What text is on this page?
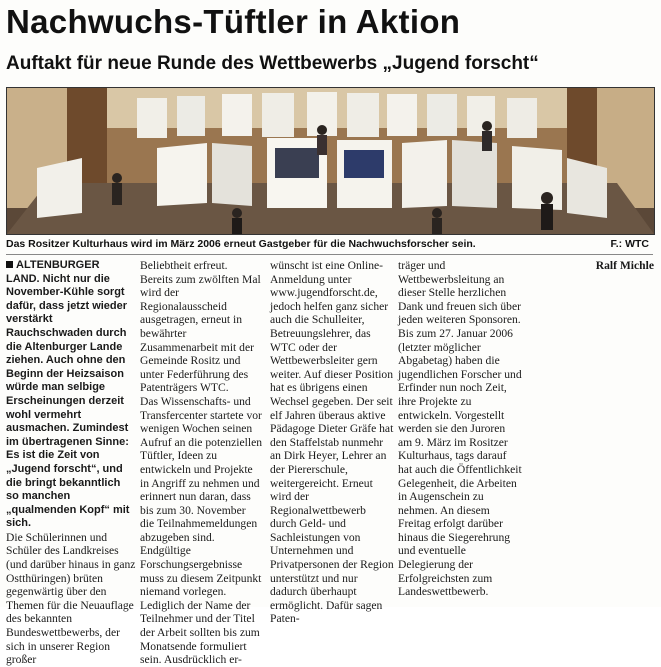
Nachwuchs-Tüftler in Aktion
Auftakt für neue Runde des Wettbewerbs „Jugend forscht“
Das Rositzer Kulturhaus wird im März 2006 erneut Gastgeber für die Nachwuchsforscher sein.	F.: WTC

ALTENBURGER LAND. Nicht nur die November-Kühle sorgt dafür, dass jetzt wieder verstärkt Rauchschwaden durch die Altenburger Lande ziehen. Auch ohne den Beginn der Heizsaison würde man selbige Erscheinungen derzeit wohl vermehrt ausmachen. Zumindest im übertragenen Sinne: Es ist die Zeit von „Jugend forscht“, und die bringt bekanntlich so manchen „qualmenden Kopf“ mit sich.

Die Schülerinnen und Schüler des Landkreises (und darüber hinaus in ganz Ostthüringen) brüten gegenwärtig über den Themen für die Neuauflage des bekannten Bundeswettbewerbs, der sich in unserer Region großer

Beliebtheit erfreut. Bereits zum zwölften Mal wird der Regionalausscheid ausgetragen, erneut in bewährter Zusammenarbeit mit der Gemeinde Rositz und unter Federführung des Patenträgers WTC.

Das Wissenschafts- und Transfercenter startete vor wenigen Wochen seinen Aufruf an die potenziellen Tüftler, Ideen zu entwickeln und Projekte in Angriff zu nehmen und erinnert nun daran, dass bis zum 30. November die Teilnahmemeldungen abzugeben sind. Endgültige Forschungsergebnisse muss zu diesem Zeitpunkt niemand vorlegen. Lediglich der Name der Teilnehmer und der Titel der Arbeit sollten bis zum Monatsende formuliert sein. Ausdrücklich er-

wünscht ist eine Online-Anmeldung unter www.jugendforscht.de, jedoch helfen ganz sicher auch die Schulleiter, Betreuungslehrer, das WTC oder der Wettbewerbsleiter gern weiter. Auf dieser Position hat es übrigens einen Wechsel gegeben. Der seit elf Jahren überaus aktive Pädagoge Dieter Gräfe hat den Staffelstab nunmehr an Dirk Heyer, Lehrer an der Piererschule, weitergereicht. Erneut wird der Regionalwettbewerb durch Geld- und Sachleistungen von Unternehmen und Privatpersonen der Region unterstützt und nur dadurch überhaupt ermöglicht. Dafür sagen Paten-

träger und Wettbewerbsleitung an dieser Stelle herzlichen Dank und freuen sich über jeden weiteren Sponsoren. Bis zum 27. Januar 2006 (letzter möglicher Abgabetag) haben die jugendlichen Forscher und Erfinder nun noch Zeit, ihre Projekte zu entwickeln. Vorgestellt werden sie den Juroren am 9. März im Rositzer Kulturhaus, tags darauf hat auch die Öffentlichkeit Gelegenheit, die Arbeiten in Augenschein zu nehmen. An diesem Freitag erfolgt darüber hinaus die Siegerehrung und eventuelle Delegierung der Erfolgreichsten zum Landeswettbewerb.

Ralf Michle
